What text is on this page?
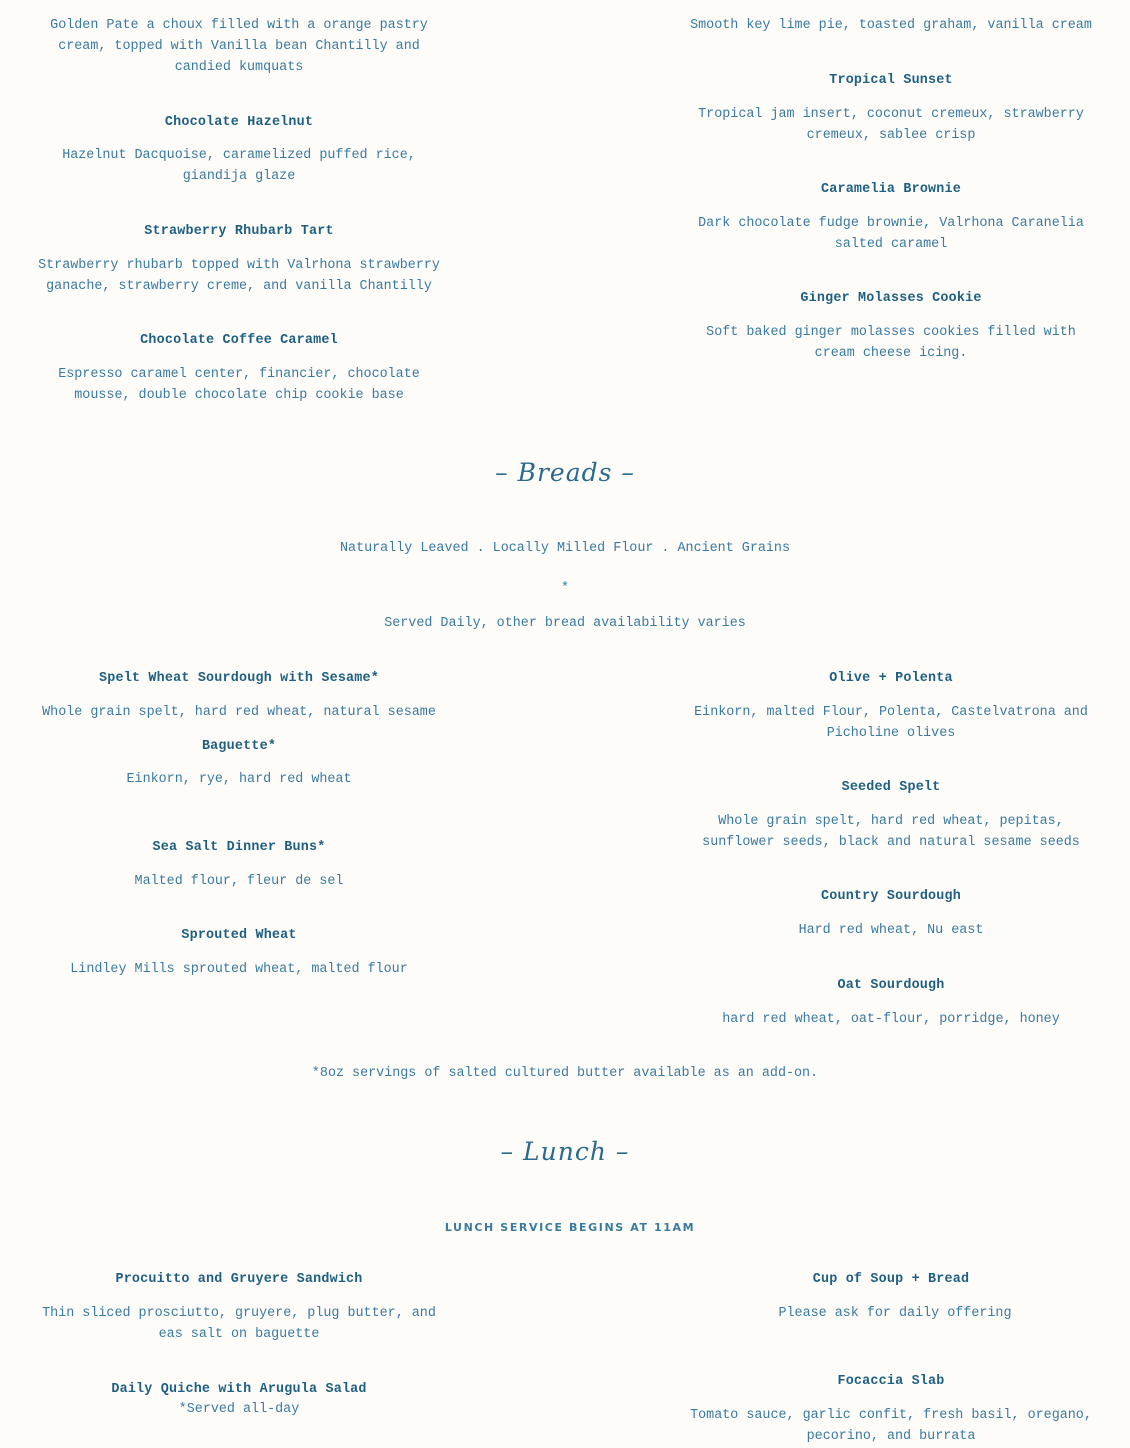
Golden Pate a choux filled with a orange pastry cream, topped with Vanilla bean Chantilly and candied kumquats
Chocolate Hazelnut
Hazelnut Dacquoise, caramelized puffed rice, giandija glaze
Strawberry Rhubarb Tart
Strawberry rhubarb topped with Valrhona strawberry ganache, strawberry creme, and vanilla Chantilly
Chocolate Coffee Caramel
Espresso caramel center, financier, chocolate mousse, double chocolate chip cookie base
Smooth key lime pie, toasted graham, vanilla cream
Tropical Sunset
Tropical jam insert, coconut cremeux, strawberry cremeux, sablee crisp
Caramelia Brownie
Dark chocolate fudge brownie, Valrhona Caranelia salted caramel
Ginger Molasses Cookie
Soft baked ginger molasses cookies filled with cream cheese icing.
– Breads –
Naturally Leaved . Locally Milled Flour . Ancient Grains
*
Served Daily, other bread availability varies
Spelt Wheat Sourdough with Sesame*
Whole grain spelt, hard red wheat, natural sesame
Baguette*
Einkorn, rye, hard red wheat
Sea Salt Dinner Buns*
Malted flour, fleur de sel
Sprouted Wheat
Lindley Mills sprouted wheat, malted flour
Olive + Polenta
Einkorn, malted Flour, Polenta, Castelvatrona and Picholine olives
Seeded Spelt
Whole grain spelt, hard red wheat, pepitas, sunflower seeds, black and natural sesame seeds
Country Sourdough
Hard red wheat, Nu east
Oat Sourdough
hard red wheat, oat-flour, porridge, honey
*8oz servings of salted cultured butter available as an add-on.
– Lunch –
LUNCH SERVICE BEGINS AT 11AM
Procuitto and Gruyere Sandwich
Thin sliced prosciutto, gruyere, plug butter, and eas salt on baguette
Daily Quiche with Arugula Salad
*Served all-day
Cup of Soup + Bread
Please ask for daily offering
Focaccia Slab
Tomato sauce, garlic confit, fresh basil, oregano, pecorino, and burrata
